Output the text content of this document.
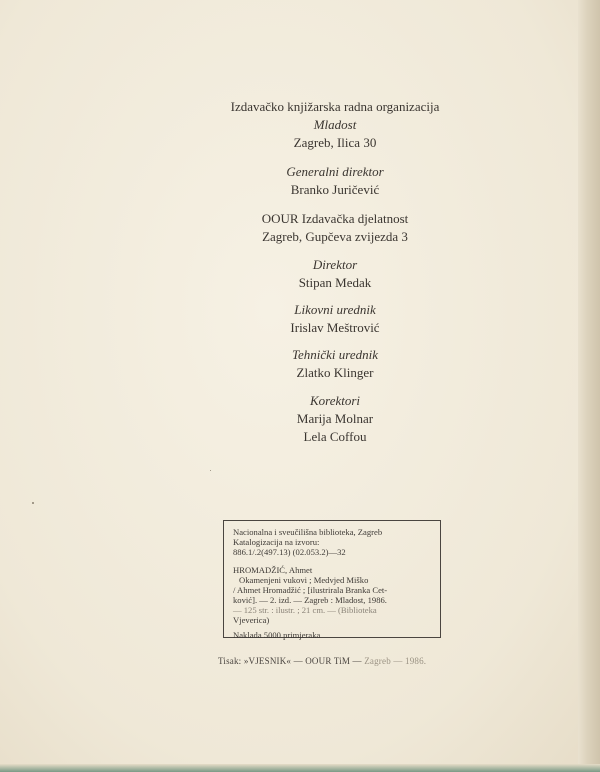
Izdavačko knjižarska radna organizacija
Mladost
Zagreb, Ilica 30
Generalni direktor
Branko Juričević
OOUR Izdavačka djelatnost
Zagreb, Gupčeva zvijezda 3
Direktor
Stipan Medak
Likovni urednik
Irislav Meštrović
Tehnički urednik
Zlatko Klinger
Korektori
Marija Molnar
Lela Coffou
Nacionalna i sveučilišna biblioteka, Zagreb
Katalogizacija na izvoru:
886.1/.2(497.13) (02.053.2)—32
HROMADŽIĆ, Ahmet
Okamenjeni vukovi ; Medvjed Miško
/ Ahmet Hromadžić ; [ilustrirala Branka Cet-
ković]. — 2. izd. — Zagreb : Mladost, 1986.
— 125 str. : ilustr. ; 21 cm. — (Biblioteka
Vjeverica)
Naklada 5000 primjeraka
Tisak: »VJESNIK« — OOUR TiM — Zagreb — 1986.
